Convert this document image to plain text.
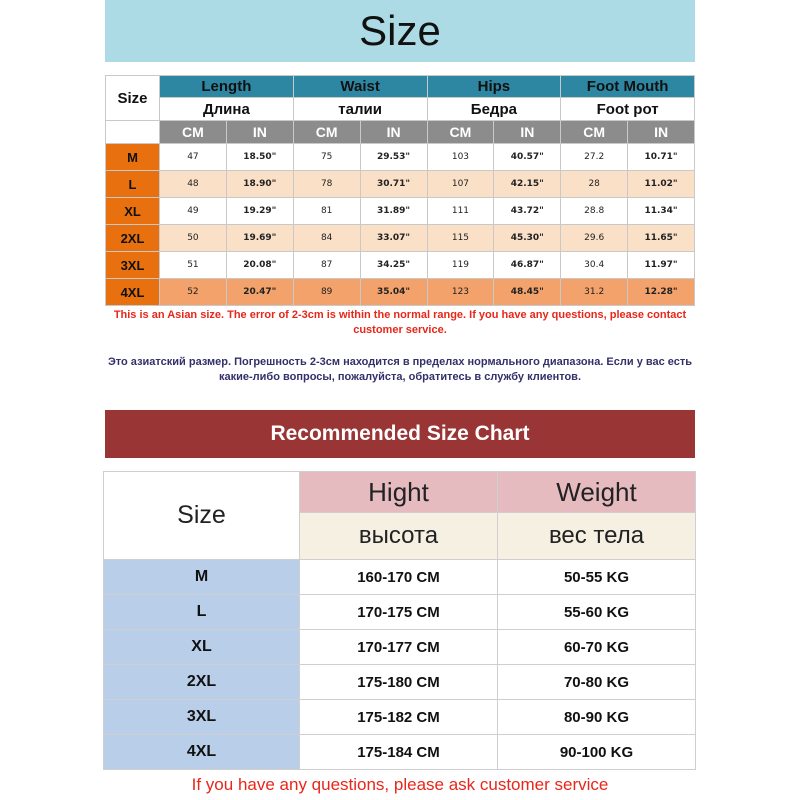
Size
Size	Length		Waist		Hips		Foot Mouth	
	Длина		талии		Бедра		Foot рот	
	CM	IN	CM	IN	CM	IN	CM	IN
M	47	18.50"	75	29.53"	103	40.57"	27.2	10.71"
L	48	18.90"	78	30.71"	107	42.15"	28	11.02"
XL	49	19.29"	81	31.89"	111	43.72"	28.8	11.34"
2XL	50	19.69"	84	33.07"	115	45.30"	29.6	11.65"
3XL	51	20.08"	87	34.25"	119	46.87"	30.4	11.97"
4XL	52	20.47"	89	35.04"	123	48.45"	31.2	12.28"
This is an Asian size. The error of 2-3cm is within the normal range. If you have any questions, please contact customer service.
Это азиатский размер. Погрешность 2-3см находится в пределах нормального диапазона. Если у вас есть какие-либо вопросы, пожалуйста, обратитесь в службу клиентов.
Recommended Size Chart
Size	Hight	Weight
	высота	вес тела
M	160-170 CM	50-55 KG
L	170-175 CM	55-60 KG
XL	170-177 CM	60-70 KG
2XL	175-180 CM	70-80 KG
3XL	175-182 CM	80-90 KG
4XL	175-184 CM	90-100 KG
If you have any questions, please ask customer service
